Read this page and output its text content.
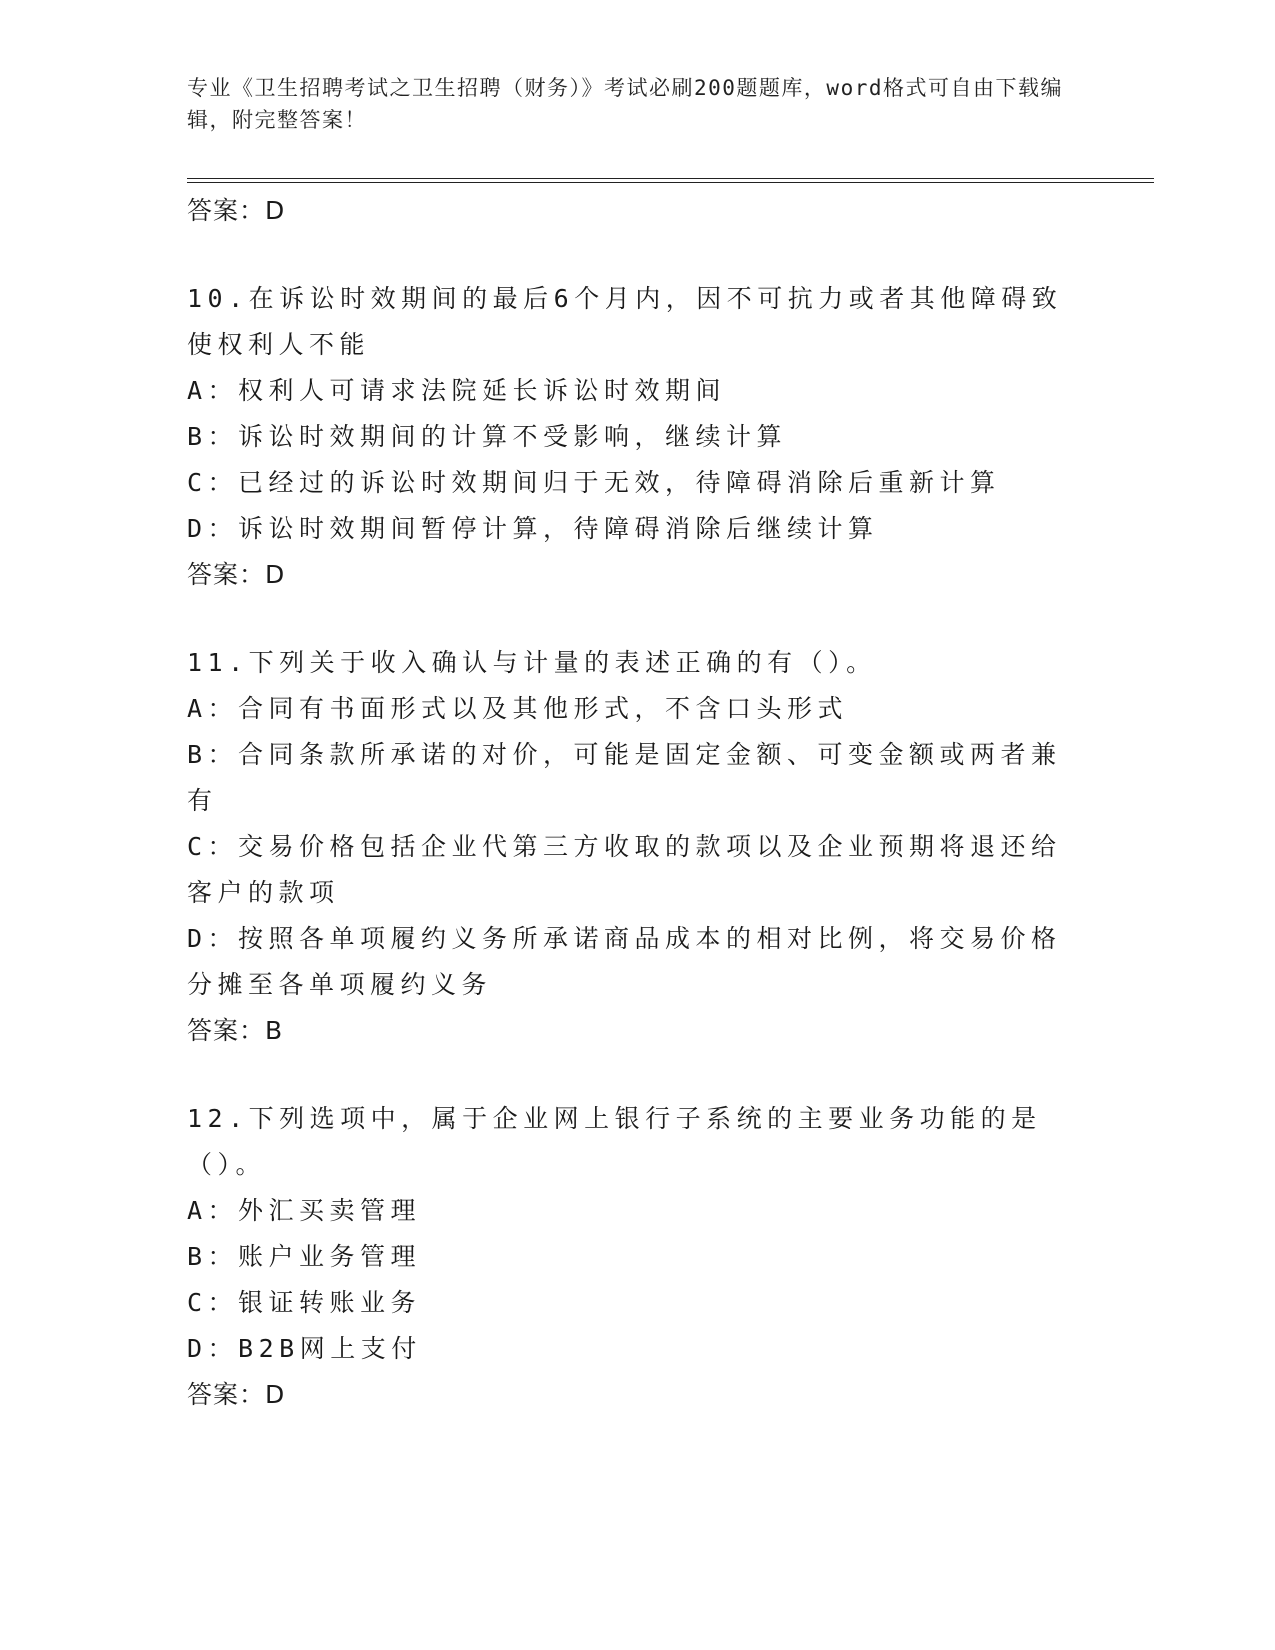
专业《卫生招聘考试之卫生招聘（财务）》考试必刷200题题库，word格式可自由下载编辑，附完整答案！
答案：D
10.在诉讼时效期间的最后6个月内，因不可抗力或者其他障碍致使权利人不能
A：权利人可请求法院延长诉讼时效期间
B：诉讼时效期间的计算不受影响，继续计算
C：已经过的诉讼时效期间归于无效，待障碍消除后重新计算
D：诉讼时效期间暂停计算，待障碍消除后继续计算
答案：D
11.下列关于收入确认与计量的表述正确的有（）。
A：合同有书面形式以及其他形式，不含口头形式
B：合同条款所承诺的对价，可能是固定金额、可变金额或两者兼有
C：交易价格包括企业代第三方收取的款项以及企业预期将退还给客户的款项
D：按照各单项履约义务所承诺商品成本的相对比例，将交易价格分摊至各单项履约义务
答案：B
12.下列选项中，属于企业网上银行子系统的主要业务功能的是（）。
A：外汇买卖管理
B：账户业务管理
C：银证转账业务
D：B2B网上支付
答案：D
